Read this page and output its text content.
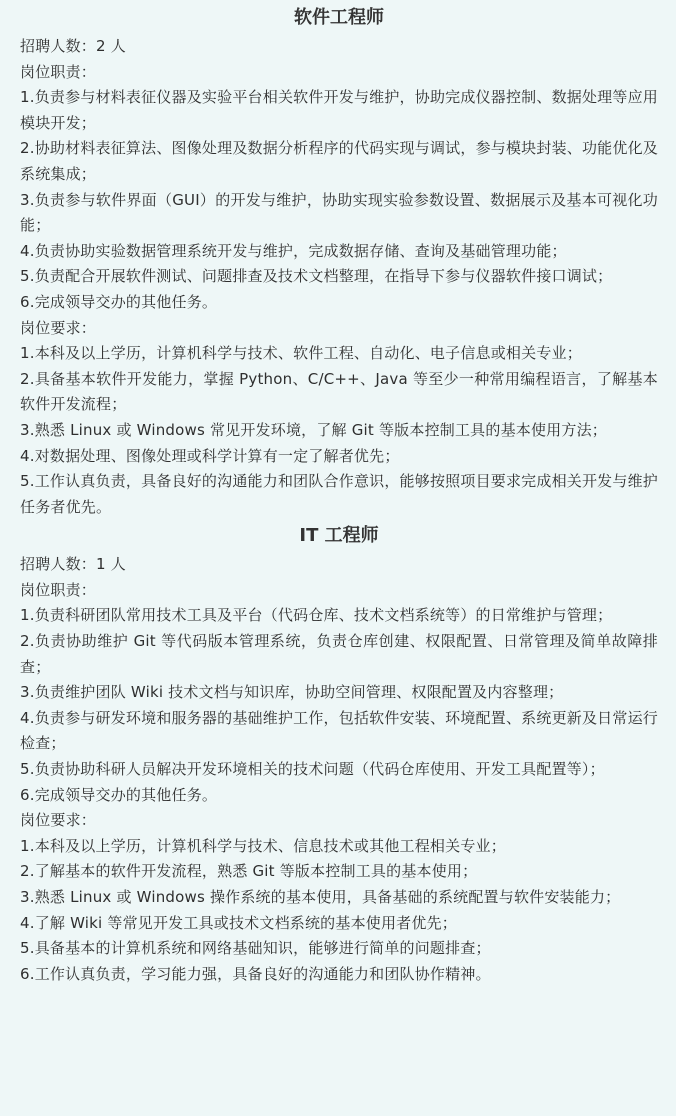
软件工程师
招聘人数：2 人
岗位职责：
1.负责参与材料表征仪器及实验平台相关软件开发与维护，协助完成仪器控制、数据处理等应用模块开发；
2.协助材料表征算法、图像处理及数据分析程序的代码实现与调试，参与模块封装、功能优化及系统集成；
3.负责参与软件界面（GUI）的开发与维护，协助实现实验参数设置、数据展示及基本可视化功能；
4.负责协助实验数据管理系统开发与维护，完成数据存储、查询及基础管理功能；
5.负责配合开展软件测试、问题排查及技术文档整理，在指导下参与仪器软件接口调试；
6.完成领导交办的其他任务。
岗位要求：
1.本科及以上学历，计算机科学与技术、软件工程、自动化、电子信息或相关专业；
2.具备基本软件开发能力，掌握 Python、C/C++、Java 等至少一种常用编程语言，了解基本软件开发流程；
3.熟悉 Linux 或 Windows 常见开发环境，了解 Git 等版本控制工具的基本使用方法；
4.对数据处理、图像处理或科学计算有一定了解者优先；
5.工作认真负责，具备良好的沟通能力和团队合作意识，能够按照项目要求完成相关开发与维护任务者优先。
IT 工程师
招聘人数：1 人
岗位职责：
1.负责科研团队常用技术工具及平台（代码仓库、技术文档系统等）的日常维护与管理；
2.负责协助维护 Git 等代码版本管理系统，负责仓库创建、权限配置、日常管理及简单故障排查；
3.负责维护团队 Wiki 技术文档与知识库，协助空间管理、权限配置及内容整理；
4.负责参与研发环境和服务器的基础维护工作，包括软件安装、环境配置、系统更新及日常运行检查；
5.负责协助科研人员解决开发环境相关的技术问题（代码仓库使用、开发工具配置等）；
6.完成领导交办的其他任务。
岗位要求：
1.本科及以上学历，计算机科学与技术、信息技术或其他工程相关专业；
2.了解基本的软件开发流程，熟悉 Git 等版本控制工具的基本使用；
3.熟悉 Linux 或 Windows 操作系统的基本使用，具备基础的系统配置与软件安装能力；
4.了解 Wiki 等常见开发工具或技术文档系统的基本使用者优先；
5.具备基本的计算机系统和网络基础知识，能够进行简单的问题排查；
6.工作认真负责，学习能力强，具备良好的沟通能力和团队协作精神。
